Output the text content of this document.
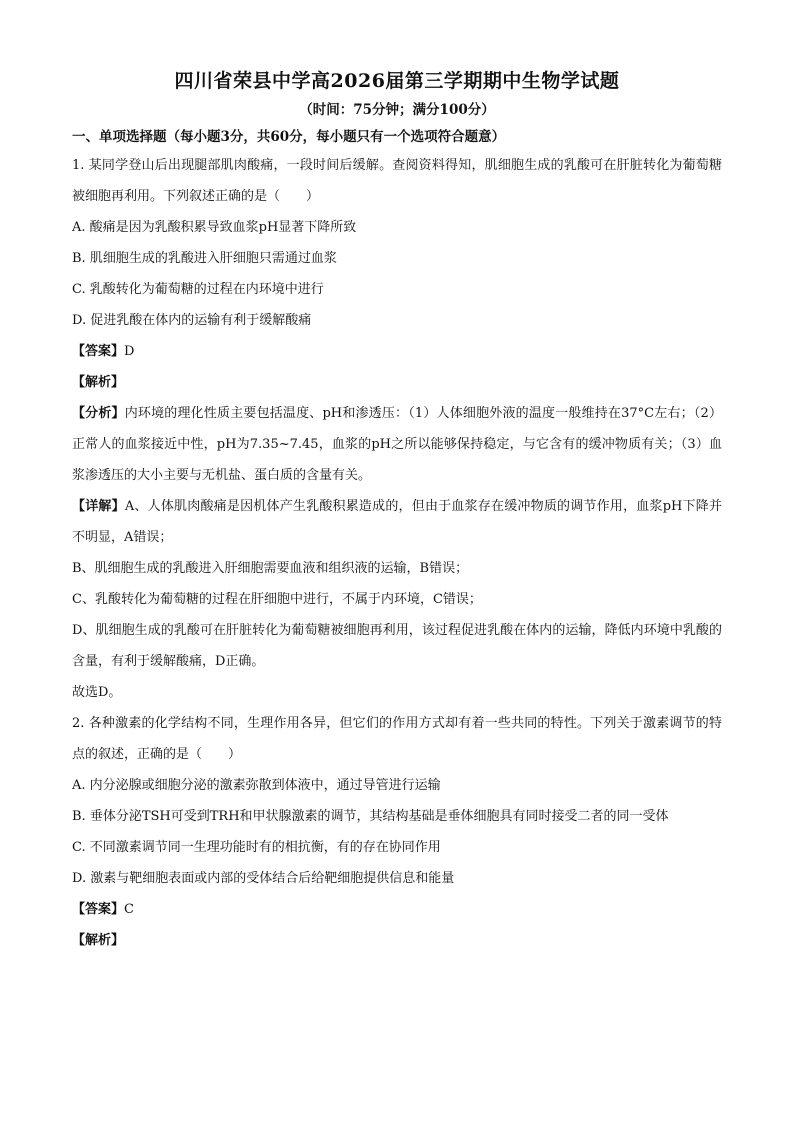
四川省荣县中学高2026届第三学期期中生物学试题
（时间：75分钟；满分100分）
一、单项选择题（每小题3分，共60分，每小题只有一个选项符合题意）

1. 某同学登山后出现腿部肌肉酸痛，一段时间后缓解。查阅资料得知，肌细胞生成的乳酸可在肝脏转化为葡萄糖被细胞再利用。下列叙述正确的是（　　）

A. 酸痛是因为乳酸积累导致血浆pH显著下降所致

B. 肌细胞生成的乳酸进入肝细胞只需通过血浆

C. 乳酸转化为葡萄糖的过程在内环境中进行

D. 促进乳酸在体内的运输有利于缓解酸痛

【答案】D

【解析】

【分析】内环境的理化性质主要包括温度、pH和渗透压：（1）人体细胞外液的温度一般维持在37°C左右；（2）正常人的血浆接近中性，pH为7.35~7.45，血浆的pH之所以能够保持稳定，与它含有的缓冲物质有关；（3）血浆渗透压的大小主要与无机盐、蛋白质的含量有关。

【详解】A、人体肌肉酸痛是因机体产生乳酸积累造成的，但由于血浆存在缓冲物质的调节作用，血浆pH下降并不明显，A错误；

B、肌细胞生成的乳酸进入肝细胞需要血液和组织液的运输，B错误；

C、乳酸转化为葡萄糖的过程在肝细胞中进行，不属于内环境，C错误；

D、肌细胞生成的乳酸可在肝脏转化为葡萄糖被细胞再利用，该过程促进乳酸在体内的运输，降低内环境中乳酸的含量，有利于缓解酸痛，D正确。

故选D。

2. 各种激素的化学结构不同，生理作用各异，但它们的作用方式却有着一些共同的特性。下列关于激素调节的特点的叙述，正确的是（　　）

A. 内分泌腺或细胞分泌的激素弥散到体液中，通过导管进行运输

B. 垂体分泌TSH可受到TRH和甲状腺激素的调节，其结构基础是垂体细胞具有同时接受二者的同一受体

C. 不同激素调节同一生理功能时有的相抗衡，有的存在协同作用

D. 激素与靶细胞表面或内部的受体结合后给靶细胞提供信息和能量

【答案】C

【解析】
